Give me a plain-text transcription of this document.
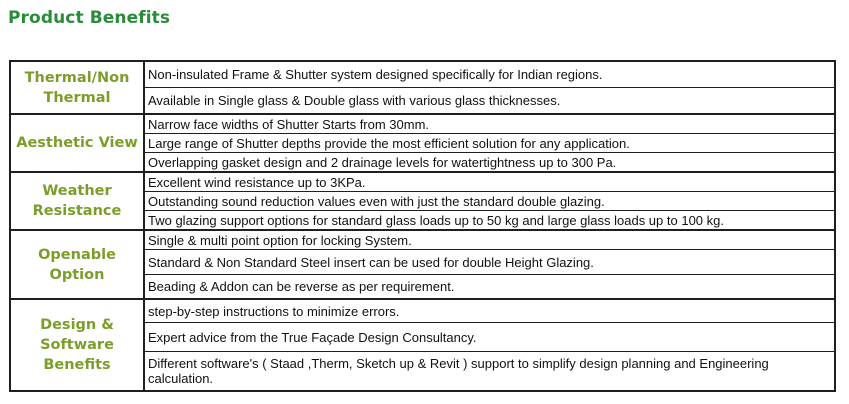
Product Benefits
Thermal/Non
Thermal
Non-insulated Frame & Shutter system designed specifically for Indian regions.
Available in Single glass & Double glass with various glass thicknesses.
Aesthetic View
Narrow face widths of Shutter Starts from 30mm.
Large range of Shutter depths provide the most efficient solution for any application.
Overlapping gasket design and 2 drainage levels for watertightness up to 300 Pa.
Weather
Resistance
Excellent wind resistance up to 3KPa.
Outstanding sound reduction values even with just the standard double glazing.
Two glazing support options for standard glass loads up to 50 kg and large glass loads up to 100 kg.
Openable
Option
Single & multi point option for locking System.
Standard & Non Standard Steel insert can be used for double Height Glazing.
Beading & Addon can be reverse as per requirement.
Design &
Software
Benefits
step-by-step instructions to minimize errors.
Expert advice from the True Façade Design Consultancy.
Different software's ( Staad ,Therm, Sketch up & Revit ) support to simplify design planning and Engineering calculation.
